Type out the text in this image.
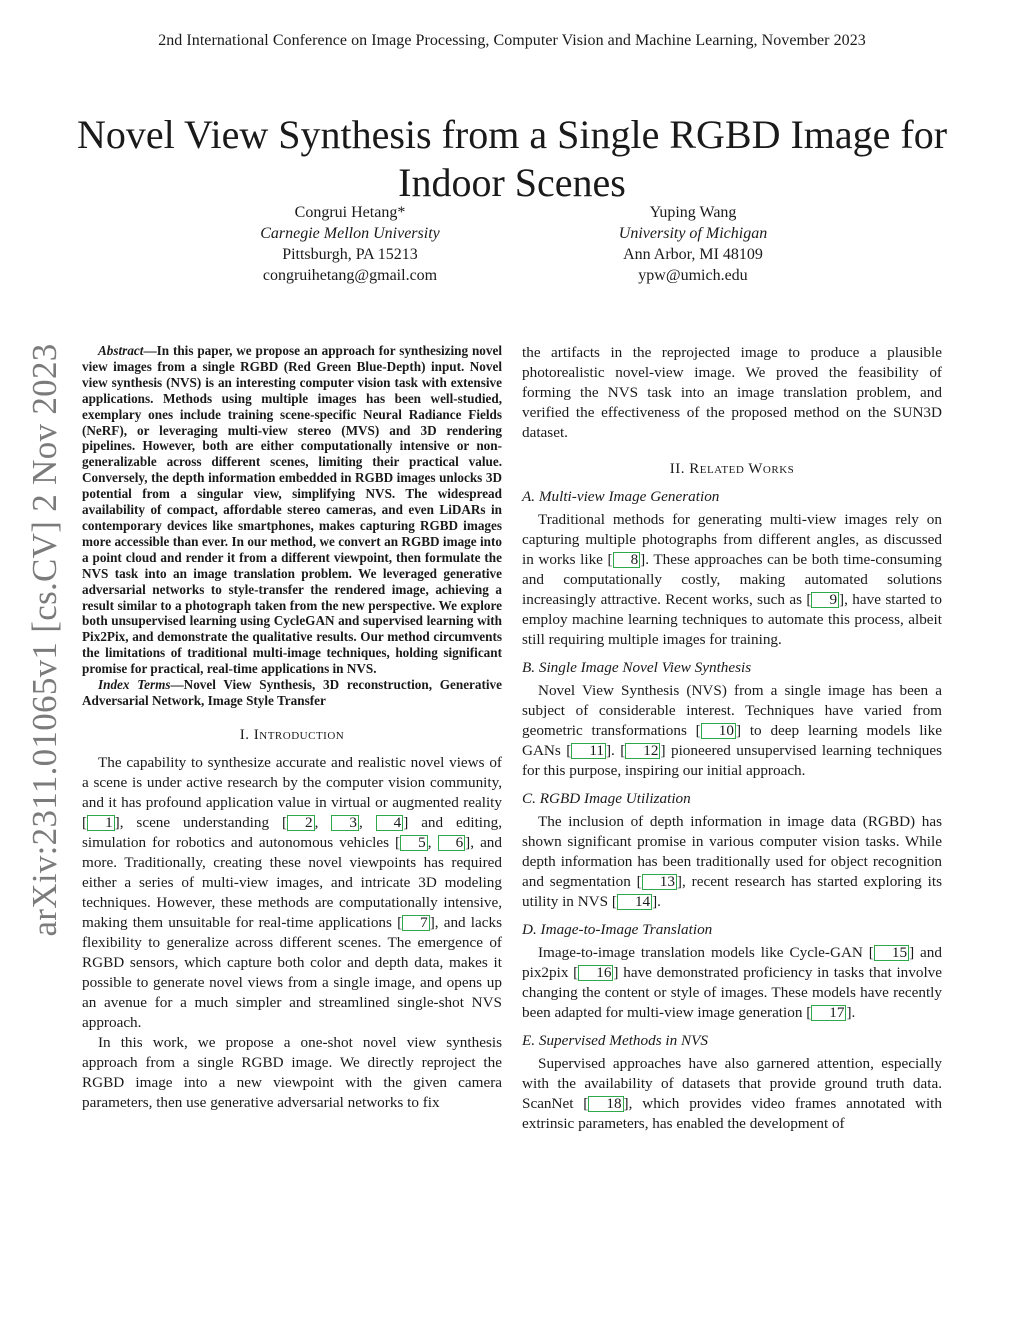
2nd International Conference on Image Processing, Computer Vision and Machine Learning, November 2023
Novel View Synthesis from a Single RGBD Image for Indoor Scenes
Congrui Hetang*
Carnegie Mellon University
Pittsburgh, PA 15213
congruihetang@gmail.com
Yuping Wang
University of Michigan
Ann Arbor, MI 48109
ypw@umich.edu
arXiv:2311.01065v1 [cs.CV] 2 Nov 2023	Abstract—In this paper, we propose an approach for synthesizing novel view images from a single RGBD (Red Green Blue-Depth) input. Novel view synthesis (NVS) is an interesting computer vision task with extensive applications. Methods using multiple images has been well-studied, exemplary ones include training scene-specific Neural Radiance Fields (NeRF), or leveraging multi-view stereo (MVS) and 3D rendering pipelines. However, both are either computationally intensive or non-generalizable across different scenes, limiting their practical value. Conversely, the depth information embedded in RGBD images unlocks 3D potential from a singular view, simplifying NVS. The widespread availability of compact, affordable stereo cameras, and even LiDARs in contemporary devices like smartphones, makes capturing RGBD images more accessible than ever. In our method, we convert an RGBD image into a point cloud and render it from a different viewpoint, then formulate the NVS task into an image translation problem. We leveraged generative adversarial networks to style-transfer the rendered image, achieving a result similar to a photograph taken from the new perspective. We explore both unsupervised learning using CycleGAN and supervised learning with Pix2Pix, and demonstrate the qualitative results. Our method circumvents the limitations of traditional multi-image techniques, holding significant promise for practical, real-time applications in NVS.

Index Terms—Novel View Synthesis, 3D reconstruction, Generative Adversarial Network, Image Style Transfer

I. Introduction

The capability to synthesize accurate and realistic novel views of a scene is under active research by the computer vision community, and it has profound application value in virtual or augmented reality [ 1 ], scene understanding [ 2 , 3 , 4 ] and editing, simulation for robotics and autonomous vehicles [ 5 , 6 ], and more. Traditionally, creating these novel viewpoints has required either a series of multi-view images, and intricate 3D modeling techniques. However, these methods are computationally intensive, making them unsuitable for real-time applications [ 7 ], and lacks flexibility to generalize across different scenes. The emergence of RGBD sensors, which capture both color and depth data, makes it possible to generate novel views from a single image, and opens up an avenue for a much simpler and streamlined single-shot NVS approach.

In this work, we propose a one-shot novel view synthesis approach from a single RGBD image. We directly reproject the RGBD image into a new viewpoint with the given camera parameters, then use generative adversarial networks to fix

the artifacts in the reprojected image to produce a plausible photorealistic novel-view image. We proved the feasibility of forming the NVS task into an image translation problem, and verified the effectiveness of the proposed method on the SUN3D dataset.

II. Related Works
A. Multi-view Image Generation

Traditional methods for generating multi-view images rely on capturing multiple photographs from different angles, as discussed in works like [ 8 ]. These approaches can be both time-consuming and computationally costly, making automated solutions increasingly attractive. Recent works, such as [ 9 ], have started to employ machine learning techniques to automate this process, albeit still requiring multiple images for training.

B. Single Image Novel View Synthesis

Novel View Synthesis (NVS) from a single image has been a subject of considerable interest. Techniques have varied from geometric transformations [ 10 ] to deep learning models like GANs [ 11 ]. [ 12 ] pioneered unsupervised learning techniques for this purpose, inspiring our initial approach.

C. RGBD Image Utilization

The inclusion of depth information in image data (RGBD) has shown significant promise in various computer vision tasks. While depth information has been traditionally used for object recognition and segmentation [ 13 ], recent research has started exploring its utility in NVS [ 14 ].

D. Image-to-Image Translation

Image-to-image translation models like Cycle-GAN [ 15 ] and pix2pix [ 16 ] have demonstrated proficiency in tasks that involve changing the content or style of images. These models have recently been adapted for multi-view image generation [ 17 ].

E. Supervised Methods in NVS

Supervised approaches have also garnered attention, especially with the availability of datasets that provide ground truth data. ScanNet [ 18 ], which provides video frames annotated with extrinsic parameters, has enabled the development of
